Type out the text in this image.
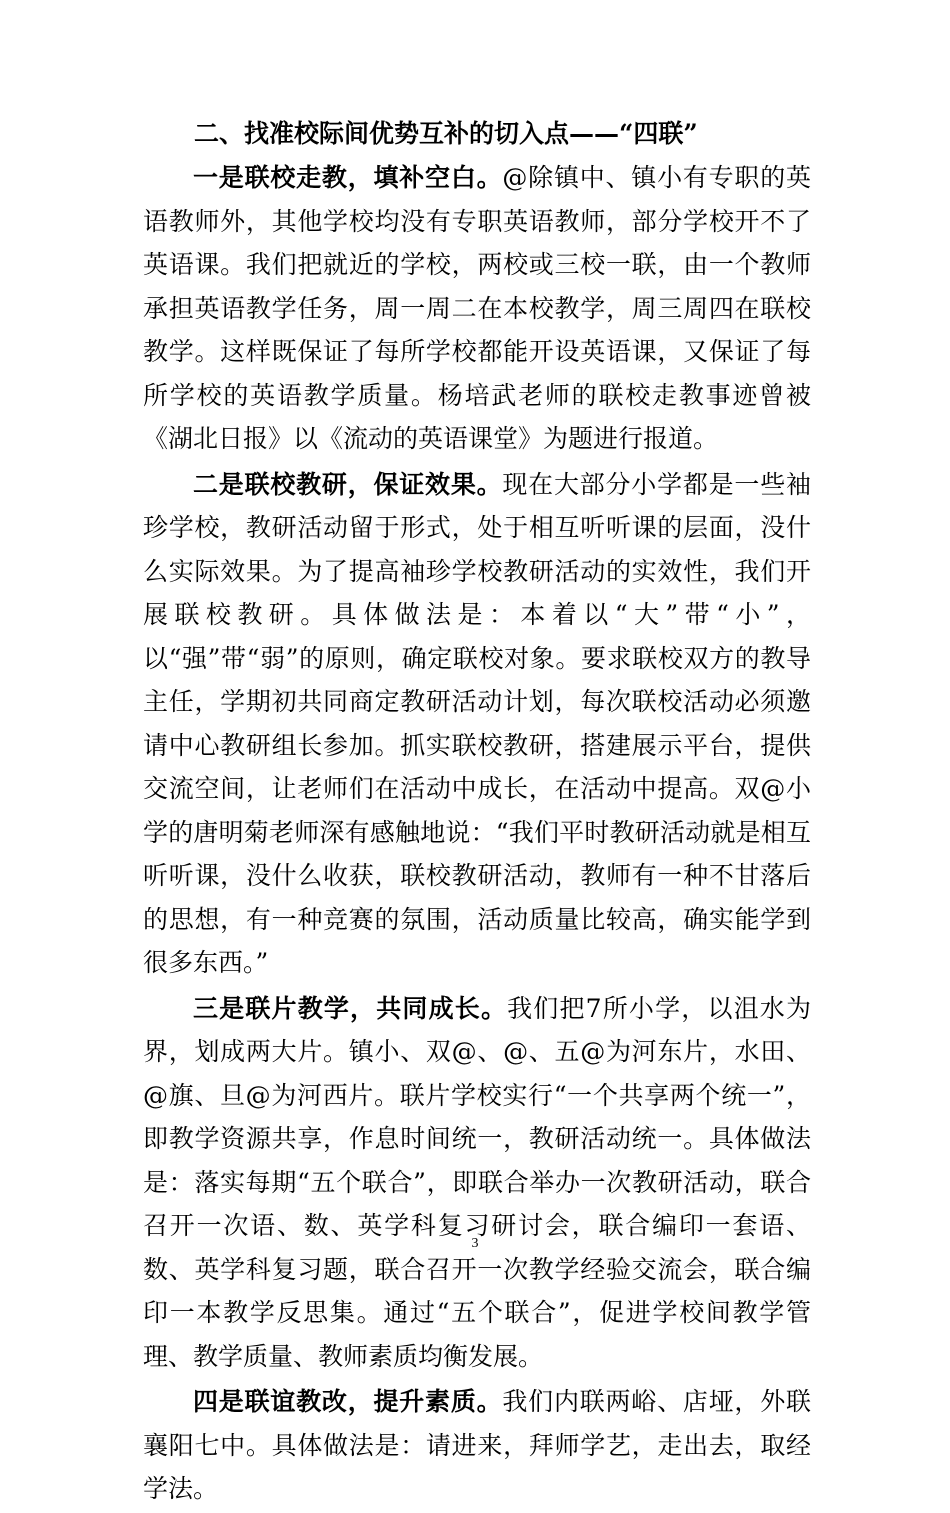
二、找准校际间优势互补的切入点——“四联”

一是联校走教，填补空白。@除镇中、镇小有专职的英语教师外，其他学校均没有专职英语教师，部分学校开不了英语课。我们把就近的学校，两校或三校一联，由一个教师承担英语教学任务，周一周二在本校教学，周三周四在联校教学。这样既保证了每所学校都能开设英语课，又保证了每所学校的英语教学质量。杨培武老师的联校走教事迹曾被《湖北日报》以《流动的英语课堂》为题进行报道。

二是联校教研，保证效果。现在大部分小学都是一些袖珍学校，教研活动留于形式，处于相互听听课的层面，没什么实际效果。为了提高袖珍学校教研活动的实效性，我们开展联校教研。具体做法是：本着以“大”带“小”，以“强”带“弱”的原则，确定联校对象。要求联校双方的教导主任，学期初共同商定教研活动计划，每次联校活动必须邀请中心教研组长参加。抓实联校教研，搭建展示平台，提供交流空间，让老师们在活动中成长，在活动中提高。双@小学的唐明菊老师深有感触地说：“我们平时教研活动就是相互听听课，没什么收获，联校教研活动，教师有一种不甘落后的思想，有一种竞赛的氛围，活动质量比较高，确实能学到很多东西。”

三是联片教学，共同成长。我们把7所小学，以沮水为界，划成两大片。镇小、双@、@、五@为河东片，水田、@旗、旦@为河西片。联片学校实行“一个共享两个统一”，即教学资源共享，作息时间统一，教研活动统一。具体做法是：落实每期“五个联合”，即联合举办一次教研活动，联合召开一次语、数、英学科复习研讨会，联合编印一套语、数、英学科复习题，联合召开一次教学经验交流会，联合编印一本教学反思集。通过“五个联合”，促进学校间教学管理、教学质量、教师素质均衡发展。

四是联谊教改，提升素质。我们内联两峪、店垭，外联襄阳七中。具体做法是：请进来，拜师学艺，走出去，取经学法。

3
